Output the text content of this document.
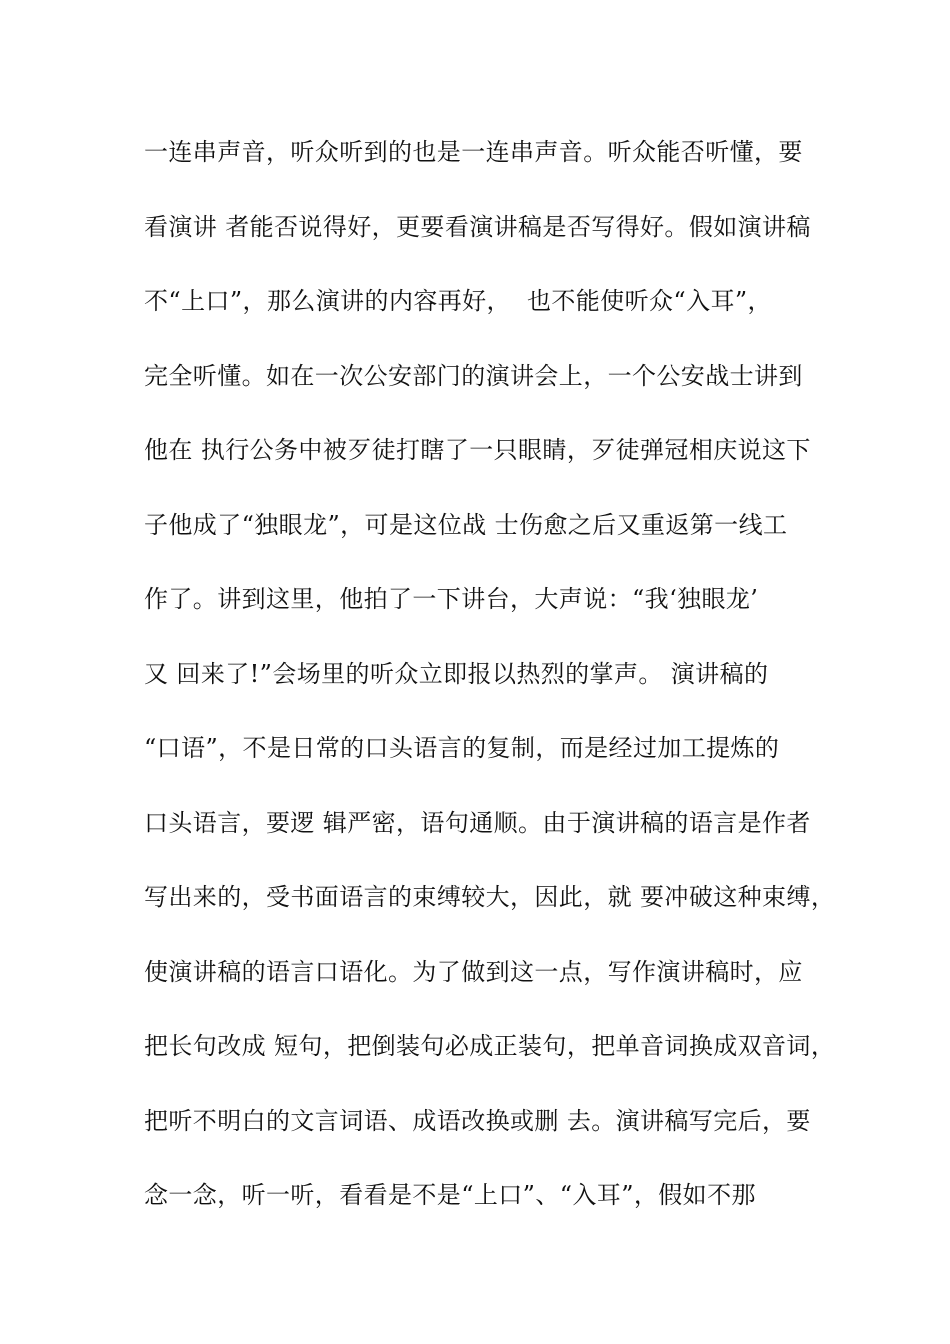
一连串声音，听众听到的也是一连串声音。听众能否听懂，要
看演讲 者能否说得好，更要看演讲稿是否写得好。假如演讲稿
不“上口”，那么演讲的内容再好，  也不能使听众“入耳”，
完全听懂。如在一次公安部门的演讲会上，一个公安战士讲到
他在 执行公务中被歹徒打瞎了一只眼睛，歹徒弹冠相庆说这下
子他成了“独眼龙”，可是这位战 士伤愈之后又重返第一线工
作了。讲到这里，他拍了一下讲台，大声说：“我‘独眼龙’
又 回来了!”会场里的听众立即报以热烈的掌声。 演讲稿的
“口语”，不是日常的口头语言的复制，而是经过加工提炼的
口头语言，要逻 辑严密，语句通顺。由于演讲稿的语言是作者
写出来的，受书面语言的束缚较大，因此，就 要冲破这种束缚，
使演讲稿的语言口语化。为了做到这一点，写作演讲稿时，应
把长句改成 短句，把倒装句必成正装句，把单音词换成双音词，
把听不明白的文言词语、成语改换或删 去。演讲稿写完后，要
念一念，听一听，看看是不是“上口”、“入耳”，假如不那
